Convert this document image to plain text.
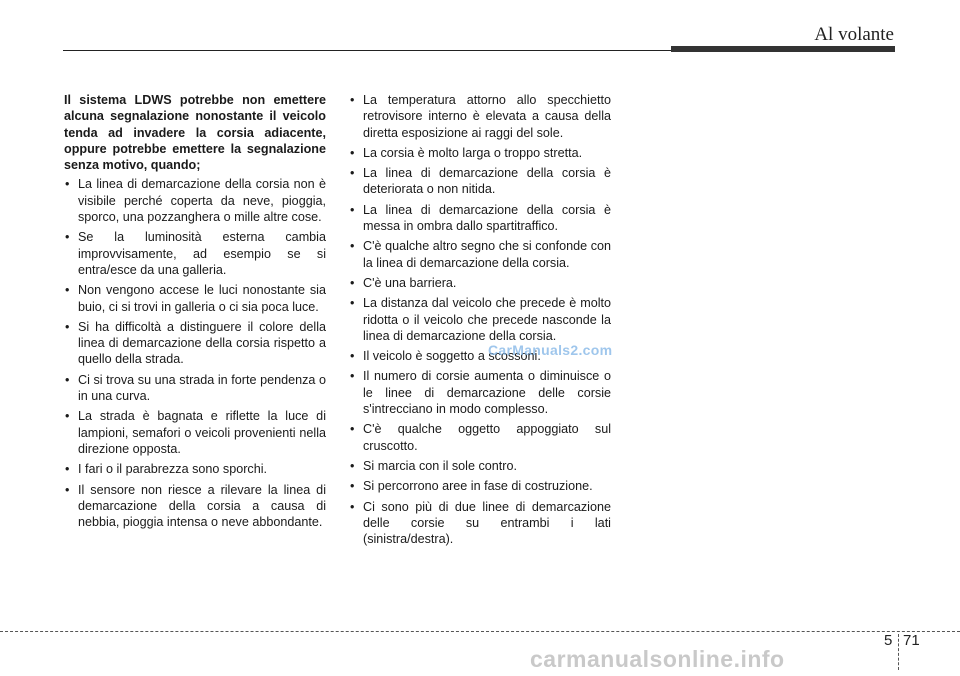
Al volante

Il sistema LDWS potrebbe non emettere alcuna segnalazione nonostante il veicolo tenda ad invadere la corsia adiacente, oppure potrebbe emettere la segnalazione senza motivo, quando;

• La linea di demarcazione della corsia non è visibile perché coperta da neve, pioggia, sporco, una pozzanghera o mille altre cose.
• Se la luminosità esterna cambia improvvisamente, ad esempio se si entra/esce da una galleria.
• Non vengono accese le luci nonostante sia buio, ci si trovi in galleria o ci sia poca luce.
• Si ha difficoltà a distinguere il colore della linea di demarcazione della corsia rispetto a quello della strada.
• Ci si trova su una strada in forte pendenza o in una curva.
• La strada è bagnata e riflette la luce di lampioni, semafori o veicoli provenienti nella direzione opposta.
• I fari o il parabrezza sono sporchi.
• Il sensore non riesce a rilevare la linea di demarcazione della corsia a causa di nebbia, pioggia intensa o neve abbondante.
• La temperatura attorno allo specchietto retrovisore interno è elevata a causa della diretta esposizione ai raggi del sole.
• La corsia è molto larga o troppo stretta.
• La linea di demarcazione della corsia è deteriorata o non nitida.
• La linea di demarcazione della corsia è messa in ombra dallo spartitraffico.
• C'è qualche altro segno che si confonde con la linea di demarcazione della corsia.
• C'è una barriera.
• La distanza dal veicolo che precede è molto ridotta o il veicolo che precede nasconde la linea di demarcazione della corsia.
• Il veicolo è soggetto a scossoni.
• Il numero di corsie aumenta o diminuisce o le linee di demarcazione delle corsie s'intrecciano in modo complesso.
• C'è qualche oggetto appoggiato sul cruscotto.
• Si marcia con il sole contro.
• Si percorrono aree in fase di costruzione.
• Ci sono più di due linee di demarcazione delle corsie su entrambi i lati (sinistra/destra).
CarManuals2.com
5 71
carmanualsonline.info
